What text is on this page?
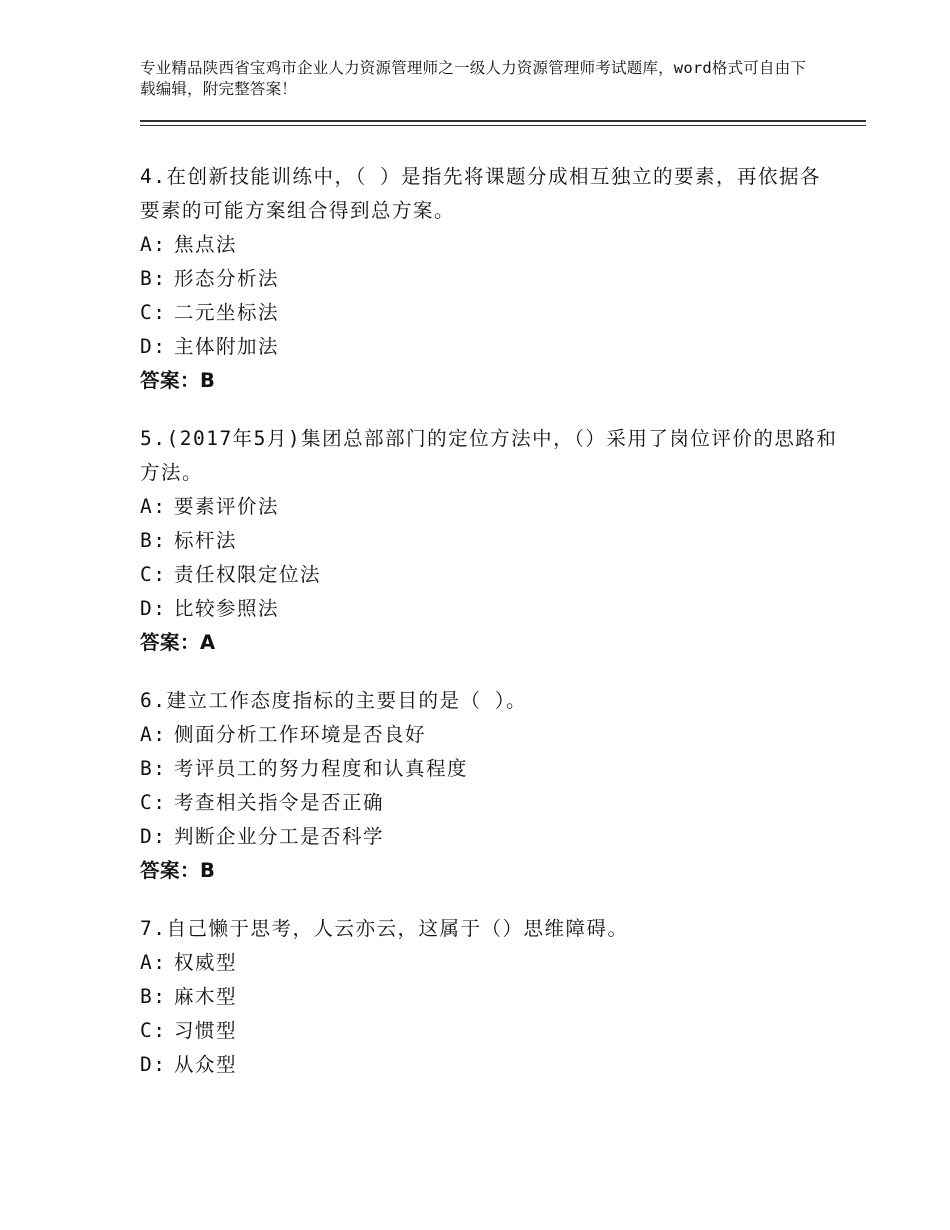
专业精品陕西省宝鸡市企业人力资源管理师之一级人力资源管理师考试题库，word格式可自由下载编辑，附完整答案！
4.在创新技能训练中，（ ）是指先将课题分成相互独立的要素，再依据各要素的可能方案组合得到总方案。
A: 焦点法
B: 形态分析法
C: 二元坐标法
D: 主体附加法
答案：B
5.(2017年5月)集团总部部门的定位方法中，（）采用了岗位评价的思路和方法。
A: 要素评价法
B: 标杆法
C: 责任权限定位法
D: 比较参照法
答案：A
6.建立工作态度指标的主要目的是（ ）。
A: 侧面分析工作环境是否良好
B: 考评员工的努力程度和认真程度
C: 考查相关指令是否正确
D: 判断企业分工是否科学
答案：B
7.自己懒于思考，人云亦云，这属于（）思维障碍。
A: 权威型
B: 麻木型
C: 习惯型
D: 从众型
